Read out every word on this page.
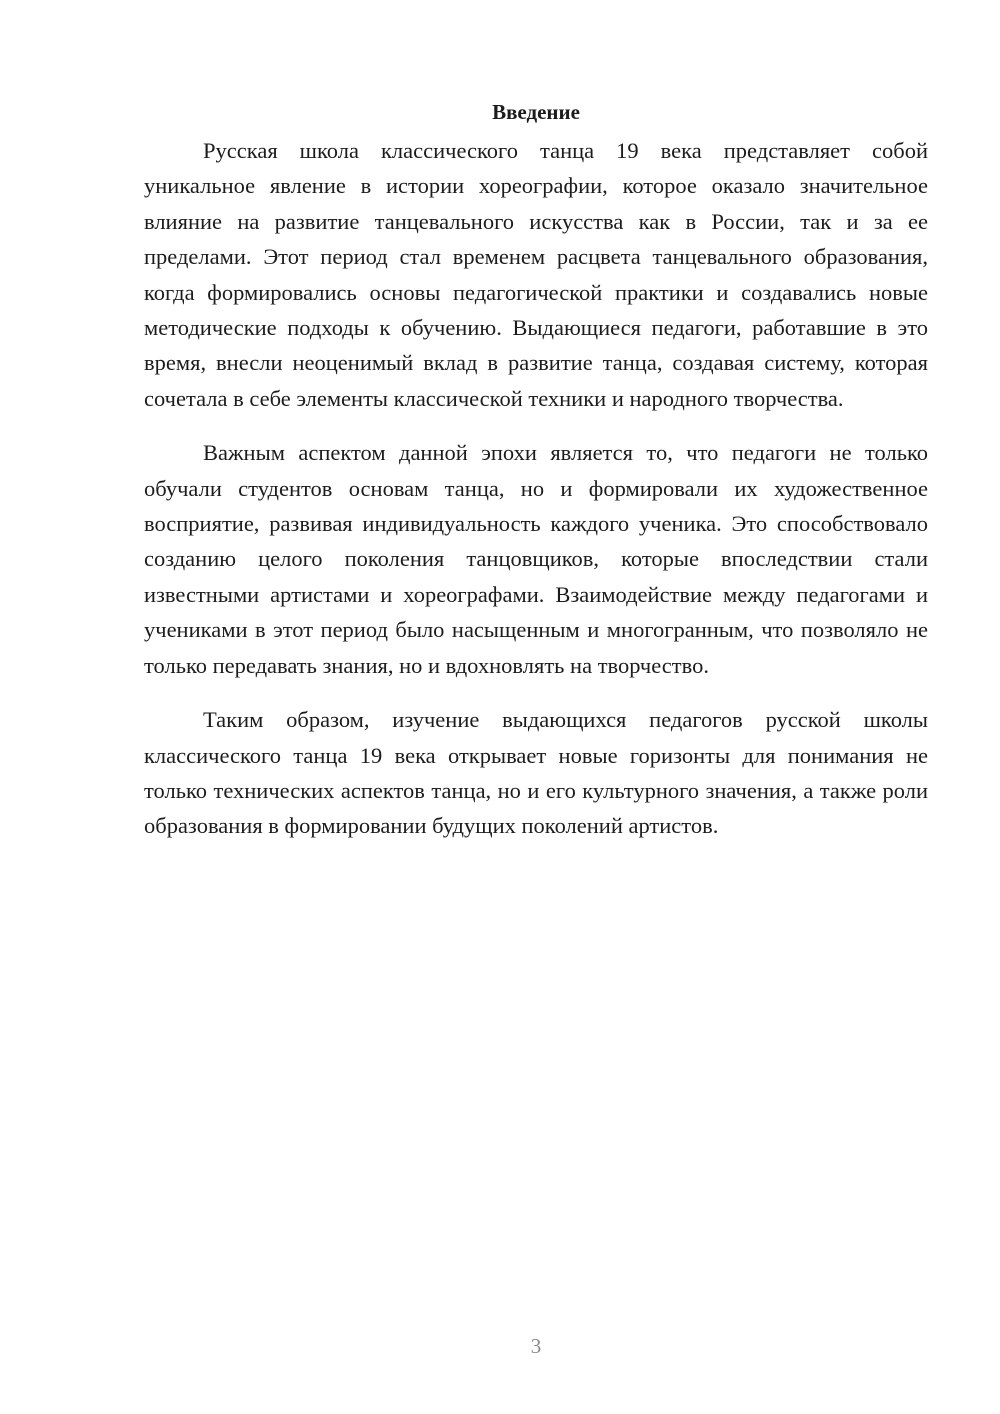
Введение

Русская школа классического танца 19 века представляет собой уникальное явление в истории хореографии, которое оказало значительное влияние на развитие танцевального искусства как в России, так и за ее пределами. Этот период стал временем расцвета танцевального образования, когда формировались основы педагогической практики и создавались новые методические подходы к обучению. Выдающиеся педагоги, работавшие в это время, внесли неоценимый вклад в развитие танца, создавая систему, которая сочетала в себе элементы классической техники и народного творчества.

Важным аспектом данной эпохи является то, что педагоги не только обучали студентов основам танца, но и формировали их художественное восприятие, развивая индивидуальность каждого ученика. Это способствовало созданию целого поколения танцовщиков, которые впоследствии стали известными артистами и хореографами. Взаимодействие между педагогами и учениками в этот период было насыщенным и многогранным, что позволяло не только передавать знания, но и вдохновлять на творчество.

Таким образом, изучение выдающихся педагогов русской школы классического танца 19 века открывает новые горизонты для понимания не только технических аспектов танца, но и его культурного значения, а также роли образования в формировании будущих поколений артистов.

3
